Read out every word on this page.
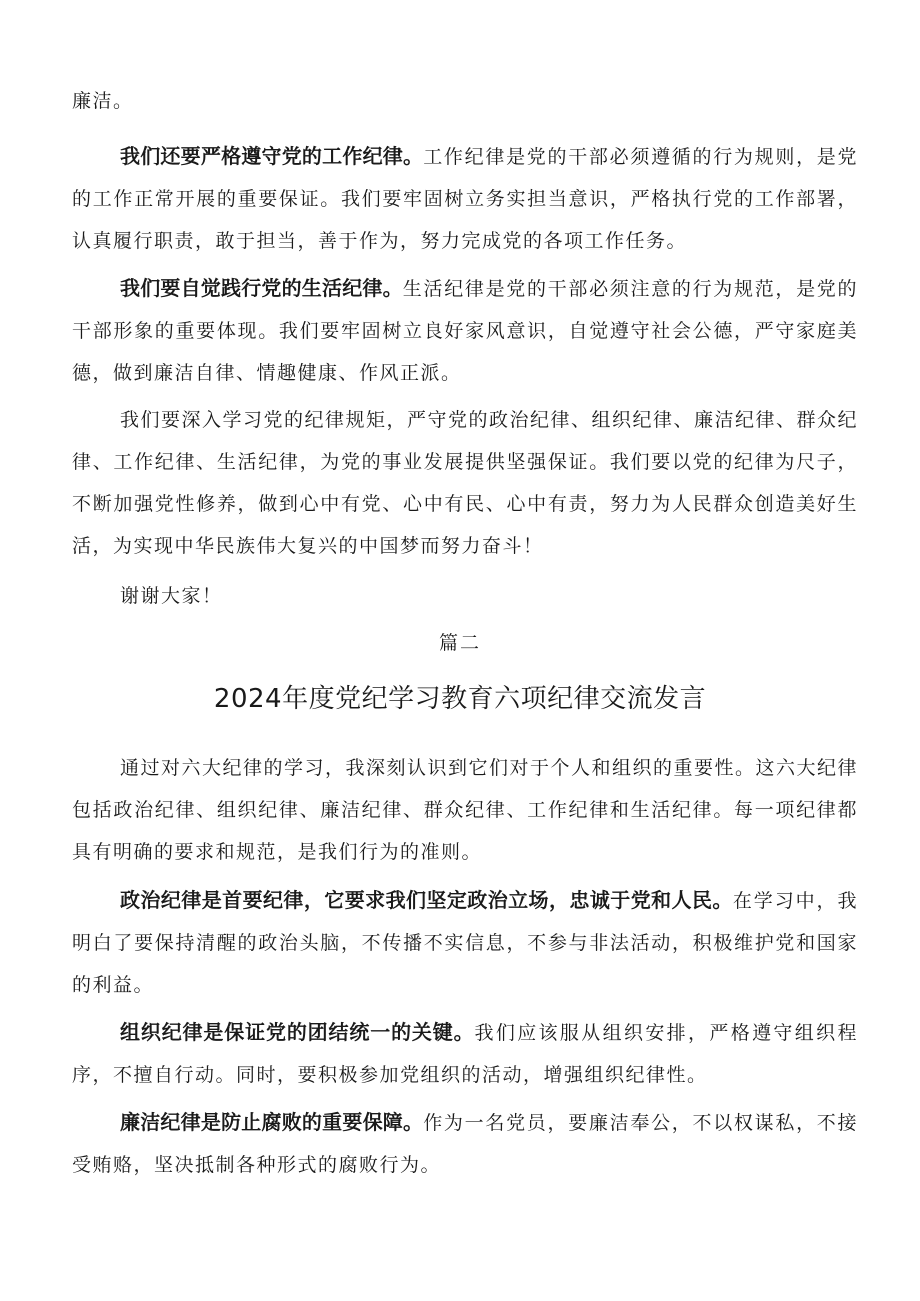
廉洁。

我们还要严格遵守党的工作纪律。工作纪律是党的干部必须遵循的行为规则，是党的工作正常开展的重要保证。我们要牢固树立务实担当意识，严格执行党的工作部署，认真履行职责，敢于担当，善于作为，努力完成党的各项工作任务。

我们要自觉践行党的生活纪律。生活纪律是党的干部必须注意的行为规范，是党的干部形象的重要体现。我们要牢固树立良好家风意识，自觉遵守社会公德，严守家庭美德，做到廉洁自律、情趣健康、作风正派。

我们要深入学习党的纪律规矩，严守党的政治纪律、组织纪律、廉洁纪律、群众纪律、工作纪律、生活纪律，为党的事业发展提供坚强保证。我们要以党的纪律为尺子，不断加强党性修养，做到心中有党、心中有民、心中有责，努力为人民群众创造美好生活，为实现中华民族伟大复兴的中国梦而努力奋斗！

谢谢大家！

篇二
2024年度党纪学习教育六项纪律交流发言

通过对六大纪律的学习，我深刻认识到它们对于个人和组织的重要性。这六大纪律包括政治纪律、组织纪律、廉洁纪律、群众纪律、工作纪律和生活纪律。每一项纪律都具有明确的要求和规范，是我们行为的准则。

政治纪律是首要纪律，它要求我们坚定政治立场，忠诚于党和人民。在学习中，我明白了要保持清醒的政治头脑，不传播不实信息，不参与非法活动，积极维护党和国家的利益。

组织纪律是保证党的团结统一的关键。我们应该服从组织安排，严格遵守组织程序，不擅自行动。同时，要积极参加党组织的活动，增强组织纪律性。

廉洁纪律是防止腐败的重要保障。作为一名党员，要廉洁奉公，不以权谋私，不接受贿赂，坚决抵制各种形式的腐败行为。
